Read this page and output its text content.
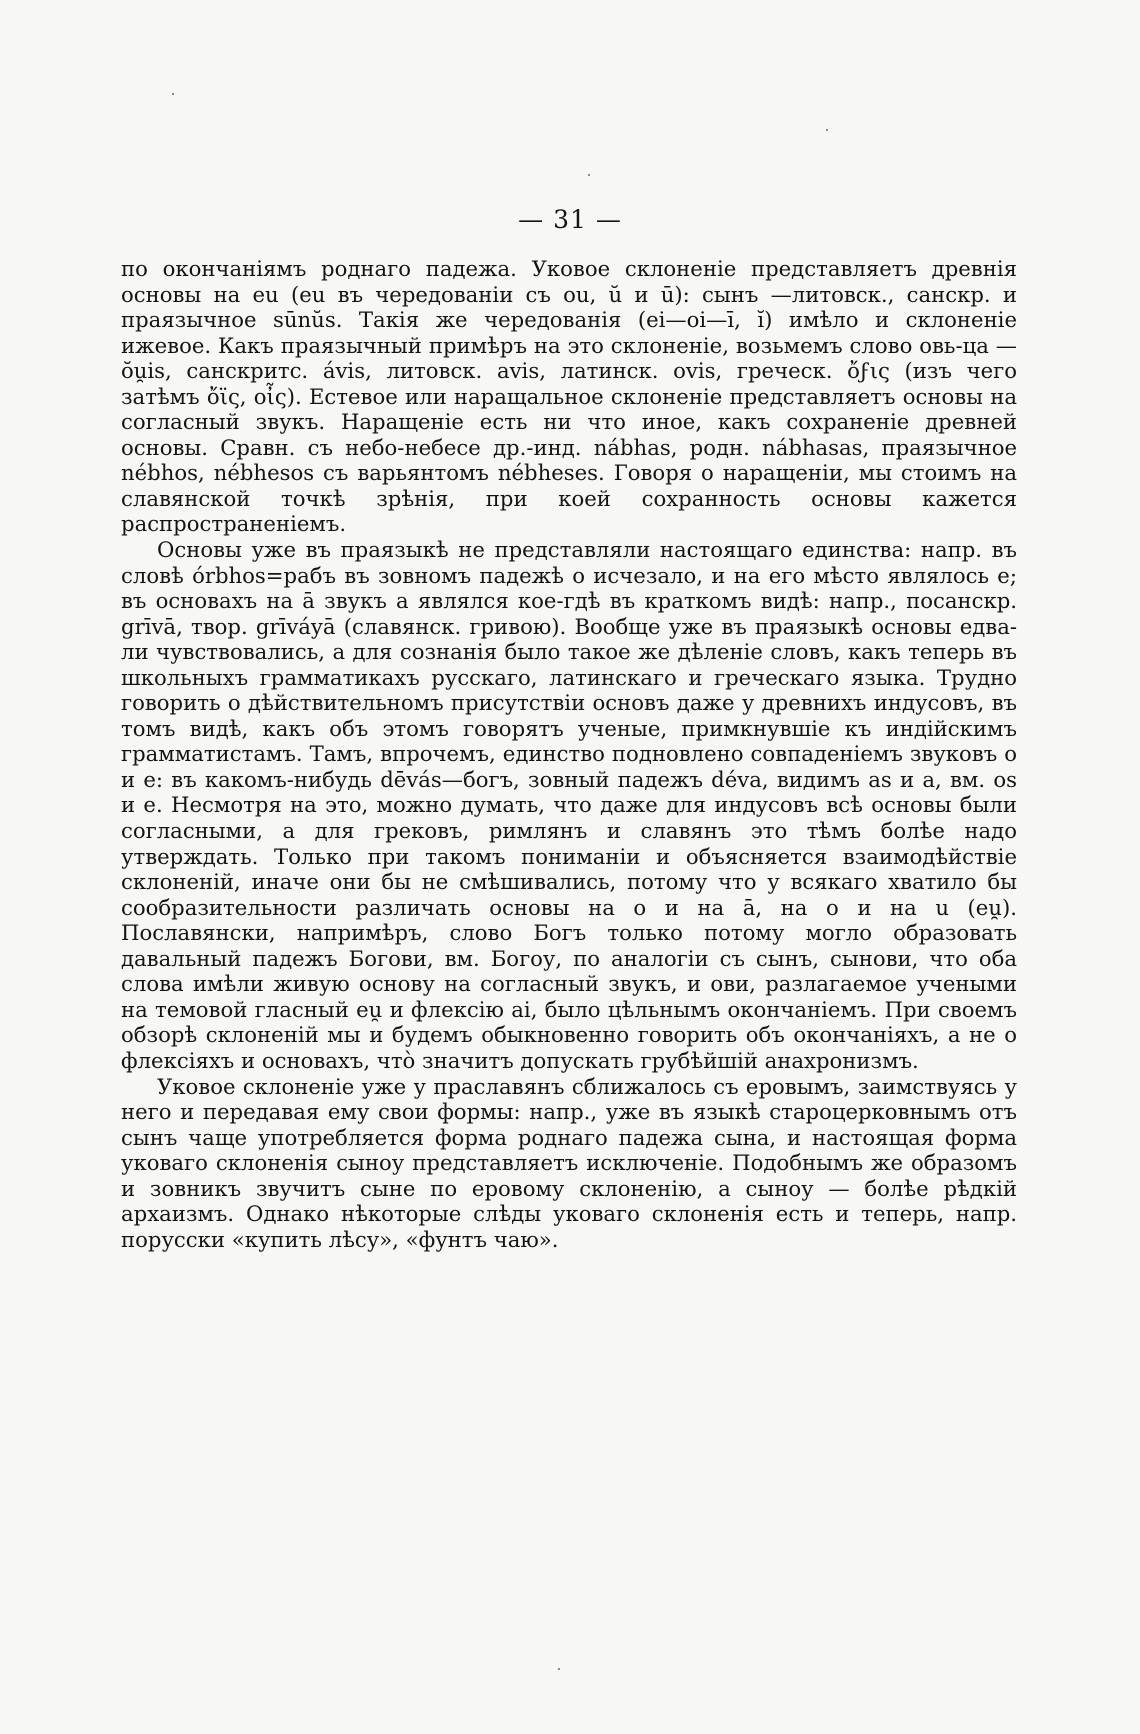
— 31 —

по окончаніямъ роднаго падежа. Уковое склоненіе представляетъ древнія основы на eu (eu въ чередованіи съ ou, ŭ и ū): сынъ —литовск., санскр. и праязычное sūnŭs. Такія же чередованія (ei—oi—ī, ĭ) имѣло и склоненіе ижевое. Какъ праязычный примѣръ на это склоненіе, возьмемъ слово овь-ца — ŏu̯is, санскритс. ávis, литовск. avis, латинск. ovis, греческ. ὄϝις (изъ чего затѣмъ ὄϊς, οἶς). Естевое или наращальное склоненіе представляетъ основы на согласный звукъ. Наращеніе есть ни что иное, какъ сохраненіе древней основы. Сравн. съ небо-небесе др.-инд. nábhas, родн. nábhasas, праязычное nébhos, nébhesos съ варьянтомъ nébheses. Говоря о наращеніи, мы стоимъ на славянской точкѣ зрѣнія, при коей сохранность основы кажется распространеніемъ.

Основы уже въ праязыкѣ не представляли настоящаго единства: напр. въ словѣ órbhos=рабъ въ зовномъ падежѣ о исчезало, и на его мѣсто являлось е; въ основахъ на ā звукъ а являлся кое-гдѣ въ краткомъ видѣ: напр., посанскр. grīvā, твор. grīváyā (славянск. гривою). Вообще уже въ праязыкѣ основы едва-ли чувствовались, а для сознанія было такое же дѣленіе словъ, какъ теперь въ школьныхъ грамматикахъ русскаго, латинскаго и греческаго языка. Трудно говорить о дѣйствительномъ присутствіи основъ даже у древнихъ индусовъ, въ томъ видѣ, какъ объ этомъ говорятъ ученые, примкнувшіе къ индійскимъ грамматистамъ. Тамъ, впрочемъ, единство подновлено совпаденіемъ звуковъ о и е: въ какомъ-нибудь dēvás—богъ, зовный падежъ déva, видимъ as и a, вм. os и e. Несмотря на это, можно думать, что даже для индусовъ всѣ основы были согласными, а для грековъ, римлянъ и славянъ это тѣмъ болѣе надо утверждать. Только при такомъ пониманіи и объясняется взаимодѣйствіе склоненій, иначе они бы не смѣшивались, потому что у всякаго хватило бы сообразительности различать основы на о и на ā, на о и на u (eu̯). Пославянски, напримѣръ, слово Богъ только потому могло образовать давальный падежъ Богови, вм. Богоу, по аналогіи съ сынъ, сынови, что оба слова имѣли живую основу на согласный звукъ, и ови, разлагаемое учеными на темовой гласный eu̯ и флексію ai, было цѣльнымъ окончаніемъ. При своемъ обзорѣ склоненій мы и будемъ обыкновенно говорить объ окончаніяхъ, а не о флексіяхъ и основахъ, что̀ значитъ допускать грубѣйшій анахронизмъ.

Уковое склоненіе уже у праславянъ сближалось съ еровымъ, заимствуясь у него и передавая ему свои формы: напр., уже въ языкѣ староцерковнымъ отъ сынъ чаще употребляется форма роднаго падежа сына, и настоящая форма уковаго склоненія сыноу представляетъ исключеніе. Подобнымъ же образомъ и зовникъ звучитъ сыне по еровому склоненію, а сыноу — болѣе рѣдкій архаизмъ. Однако нѣкоторые слѣды уковаго склоненія есть и теперь, напр. порусски «купить лѣсу», «фунтъ чаю».
